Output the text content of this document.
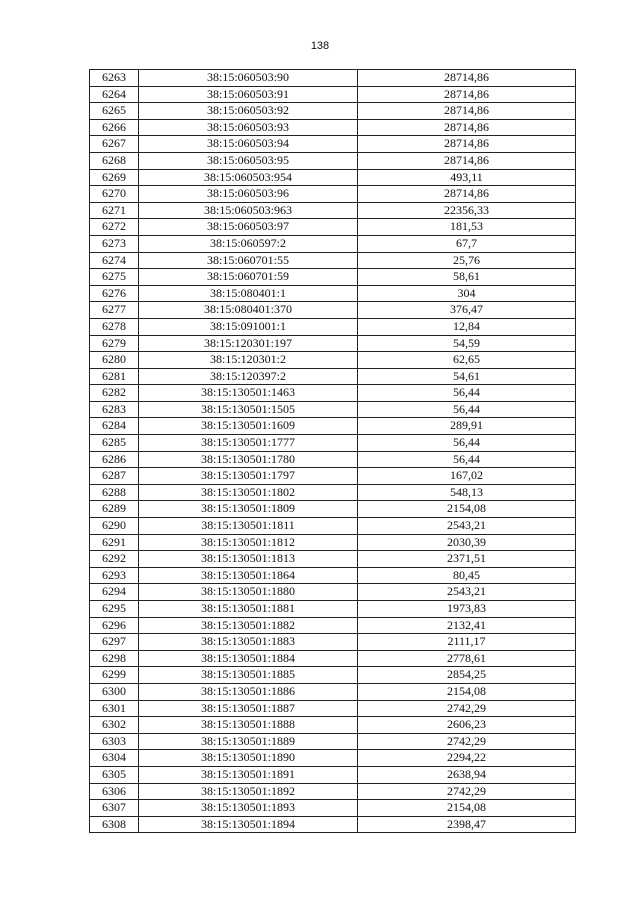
138
6263	38:15:060503:90	28714,86
6264	38:15:060503:91	28714,86
6265	38:15:060503:92	28714,86
6266	38:15:060503:93	28714,86
6267	38:15:060503:94	28714,86
6268	38:15:060503:95	28714,86
6269	38:15:060503:954	493,11
6270	38:15:060503:96	28714,86
6271	38:15:060503:963	22356,33
6272	38:15:060503:97	181,53
6273	38:15:060597:2	67,7
6274	38:15:060701:55	25,76
6275	38:15:060701:59	58,61
6276	38:15:080401:1	304
6277	38:15:080401:370	376,47
6278	38:15:091001:1	12,84
6279	38:15:120301:197	54,59
6280	38:15:120301:2	62,65
6281	38:15:120397:2	54,61
6282	38:15:130501:1463	56,44
6283	38:15:130501:1505	56,44
6284	38:15:130501:1609	289,91
6285	38:15:130501:1777	56,44
6286	38:15:130501:1780	56,44
6287	38:15:130501:1797	167,02
6288	38:15:130501:1802	548,13
6289	38:15:130501:1809	2154,08
6290	38:15:130501:1811	2543,21
6291	38:15:130501:1812	2030,39
6292	38:15:130501:1813	2371,51
6293	38:15:130501:1864	80,45
6294	38:15:130501:1880	2543,21
6295	38:15:130501:1881	1973,83
6296	38:15:130501:1882	2132,41
6297	38:15:130501:1883	2111,17
6298	38:15:130501:1884	2778,61
6299	38:15:130501:1885	2854,25
6300	38:15:130501:1886	2154,08
6301	38:15:130501:1887	2742,29
6302	38:15:130501:1888	2606,23
6303	38:15:130501:1889	2742,29
6304	38:15:130501:1890	2294,22
6305	38:15:130501:1891	2638,94
6306	38:15:130501:1892	2742,29
6307	38:15:130501:1893	2154,08
6308	38:15:130501:1894	2398,47
